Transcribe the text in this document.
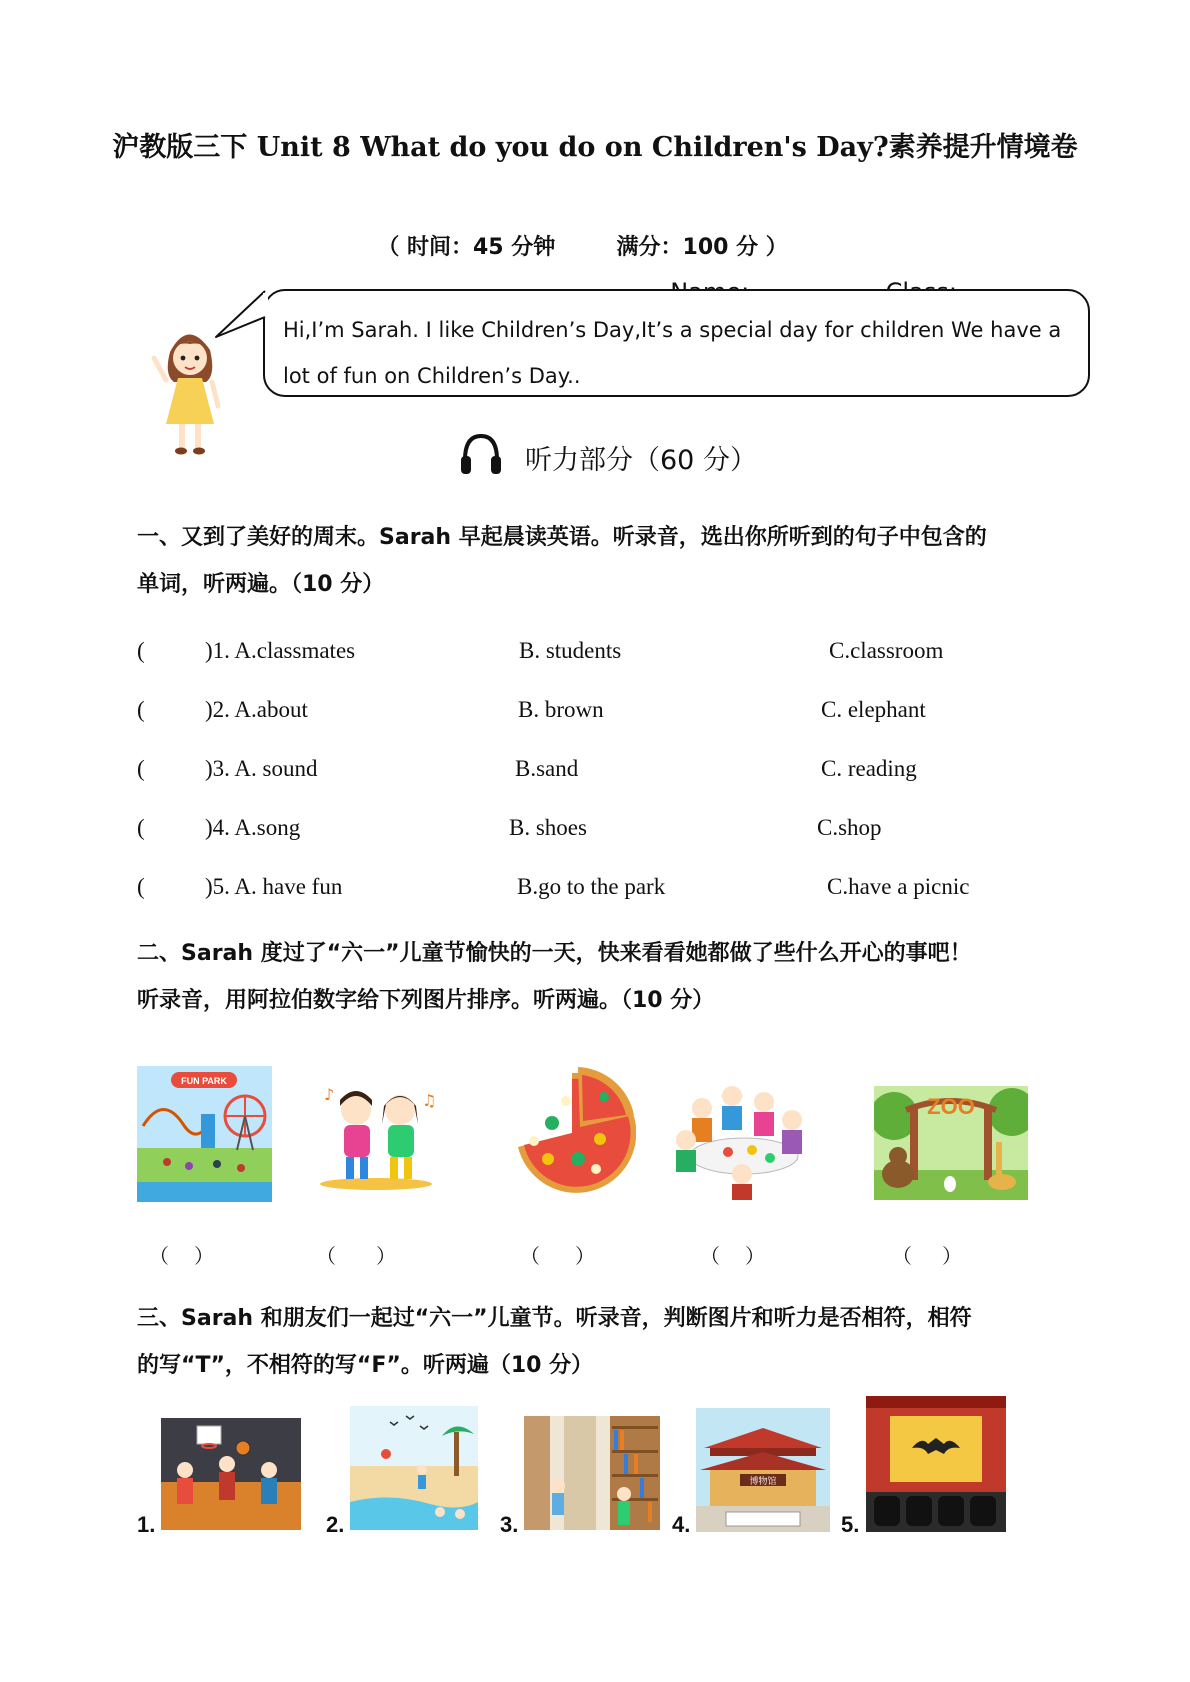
沪教版三下 Unit 8 What do you do on Children's Day?素养提升情境卷

（ 时间：45 分钟	满分：100 分 ）

Hi,I’m Sarah. I like Children’s Day,It’s a special day for children We have a
lot of fun on Children’s Day..
听力部分（60 分）
一、又到了美好的周末。Sarah 早起晨读英语。听录音，选出你所听到的句子中包含的
单词，听两遍。（10 分）
(	)1. A.classmates	B. students	C.classroom
(	)2. A.about	B. brown	C. elephant
(	)3. A. sound	B.sand	C. reading
(	)4. A.song	B. shoes	C.shop
(	)5. A. have fun	B.go to the park	C.have a picnic
二、Sarah 度过了“六一”儿童节愉快的一天，快来看看她都做了些什么开心的事吧！
听录音，用阿拉伯数字给下列图片排序。听两遍。（10 分）
FUN PARK
♪	♫	ZOO
（ ）	（ ）	（ ）	（ ）	（ ）
三、Sarah 和朋友们一起过“六一”儿童节。听录音，判断图片和听力是否相符，相符
的写“T”，不相符的写“F”。听两遍（10 分）
1.	2.	3.	4.
博物馆
5.
